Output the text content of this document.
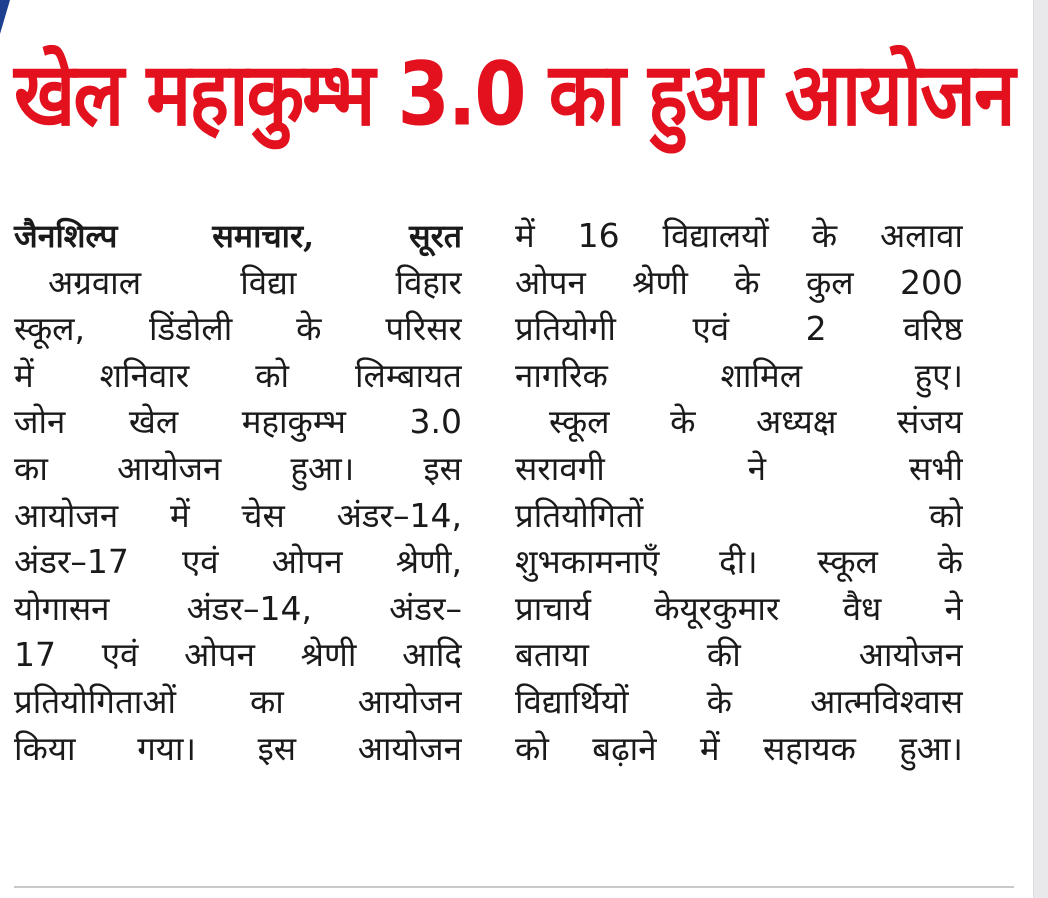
खेल महाकुम्भ 3.0 का हुआ आयोजन
जैनशिल्प समाचार, सूरत
अग्रवाल	विद्या	विहार
स्कूल, डिंडोली के परिसर
में शनिवार को लिम्बायत
जोन खेल महाकुम्भ 3.0
का आयोजन हुआ। इस
आयोजन में चेस अंडर–14,
अंडर–17 एवं ओपन श्रेणी,
योगासन अंडर–14, अंडर–
17 एवं ओपन श्रेणी आदि
प्रतियोगिताओं का आयोजन
किया गया। इस आयोजन
में 16 विद्यालयों के अलावा
ओपन श्रेणी के कुल 200
प्रतियोगी एवं 2 वरिष्ठ
नागरिक	शामिल	हुए।
स्कूल के अध्यक्ष संजय
सरावगी	ने	सभी
प्रतियोगितों	को
शुभकामनाएँ दी। स्कूल के
प्राचार्य केयूरकुमार वैध ने
बताया	की	आयोजन
विद्यार्थियों के आत्मविश्वास
को बढ़ाने में सहायक हुआ।
